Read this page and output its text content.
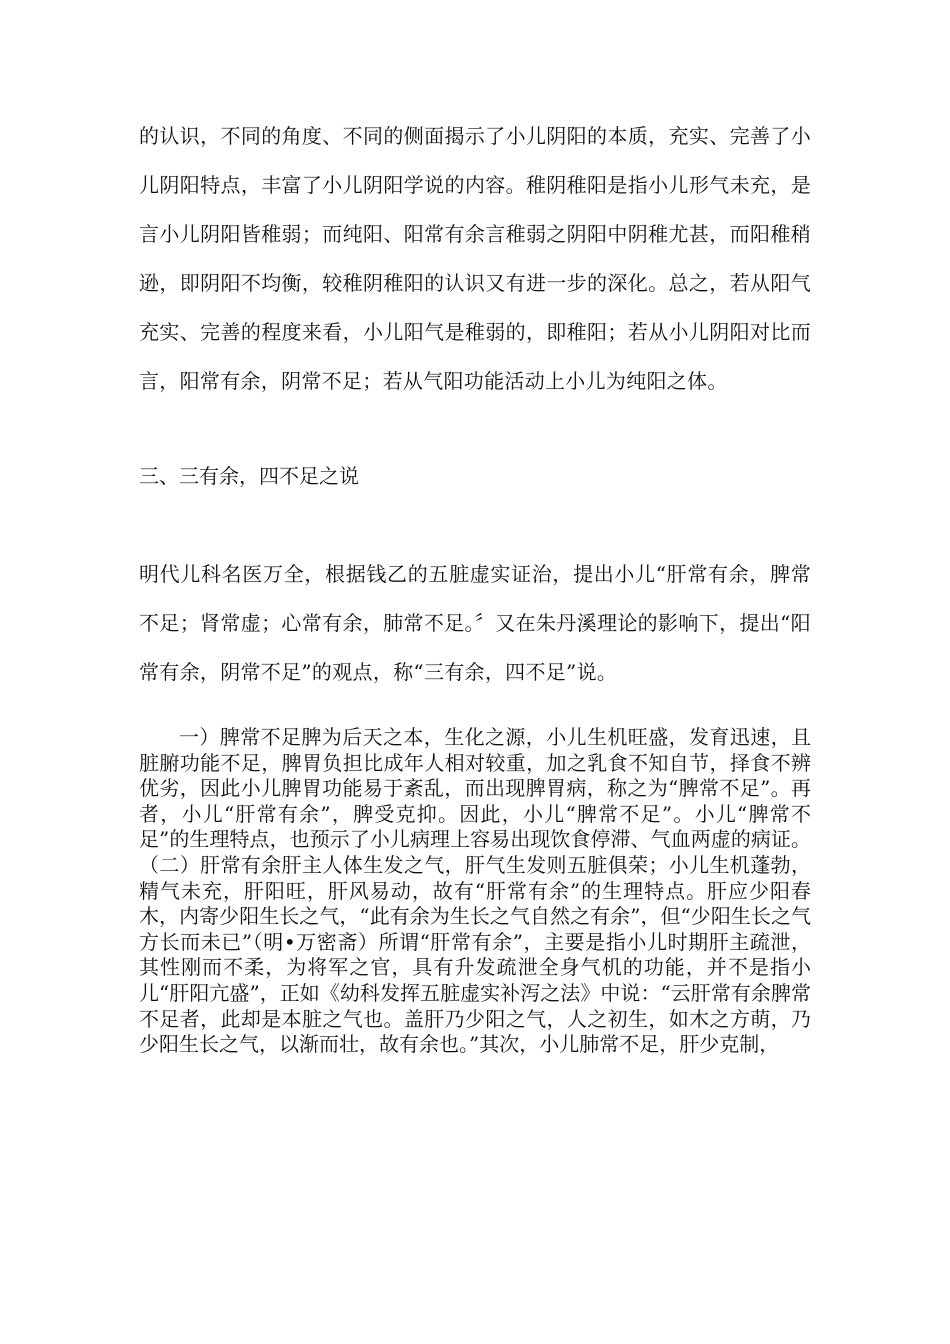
的认识，不同的角度、不同的侧面揭示了小儿阴阳的本质，充实、完善了小儿阴阳特点，丰富了小儿阴阳学说的内容。稚阴稚阳是指小儿形气未充，是言小儿阴阳皆稚弱；而纯阳、阳常有余言稚弱之阴阳中阴稚尤甚，而阳稚稍逊，即阴阳不均衡，较稚阴稚阳的认识又有进一步的深化。总之，若从阳气充实、完善的程度来看，小儿阳气是稚弱的，即稚阳；若从小儿阴阳对比而言，阳常有余，阴常不足；若从气阳功能活动上小儿为纯阳之体。

三、三有余，四不足之说

明代儿科名医万全，根据钱乙的五脏虚实证治，提出小儿“肝常有余，脾常不足；肾常虚；心常有余，肺常不足。〞又在朱丹溪理论的影响下，提出“阳常有余，阴常不足”的观点，称“三有余，四不足”说。

一）脾常不足脾为后天之本，生化之源，小儿生机旺盛，发育迅速，且脏腑功能不足，脾胃负担比成年人相对较重，加之乳食不知自节，择食不辨优劣，因此小儿脾胃功能易于紊乱，而出现脾胃病，称之为“脾常不足”。再者，小儿“肝常有余”，脾受克抑。因此，小儿“脾常不足”。小儿“脾常不足”的生理特点，也预示了小儿病理上容易出现饮食停滞、气血两虚的病证。（二）肝常有余肝主人体生发之气，肝气生发则五脏俱荣；小儿生机蓬勃，精气未充，肝阳旺，肝风易动，故有“肝常有余”的生理特点。肝应少阳春木，内寄少阳生长之气，“此有余为生长之气自然之有余”，但“少阳生长之气方长而未已”（明•万密斋）所谓“肝常有余”，主要是指小儿时期肝主疏泄，其性刚而不柔，为将军之官，具有升发疏泄全身气机的功能，并不是指小儿“肝阳亢盛”，正如《幼科发挥五脏虚实补泻之法》中说：“云肝常有余脾常不足者，此却是本脏之气也。盖肝乃少阳之气，人之初生，如木之方萌，乃少阳生长之气，以渐而壮，故有余也。”其次，小儿肺常不足，肝少克制，
